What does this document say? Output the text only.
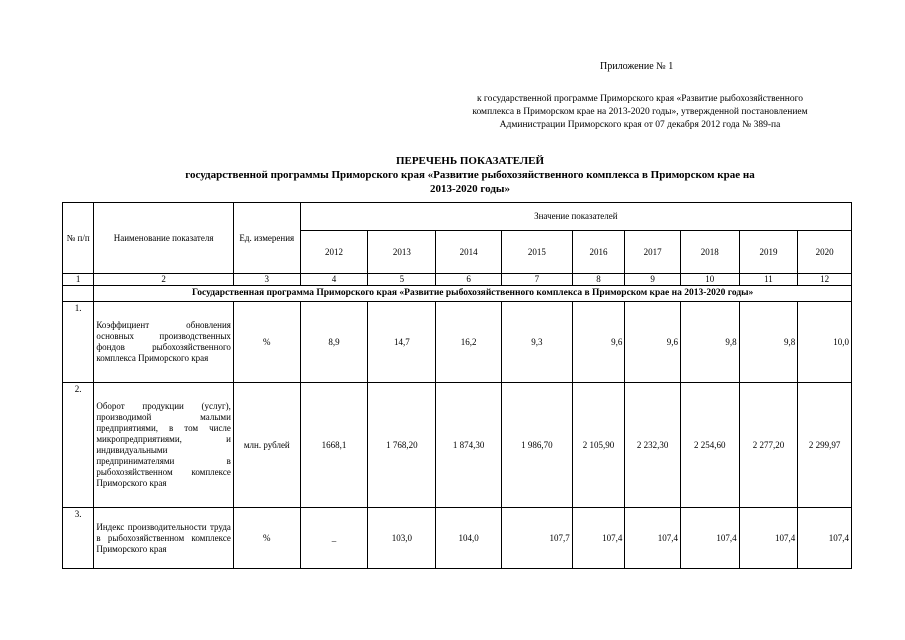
Приложение № 1
к государственной программе Приморского края «Развитие рыбохозяйственного
комплекса в Приморском крае на 2013-2020 годы», утвержденной постановлением
Администрации Приморского края от 07 декабря 2012 года № 389-па
ПЕРЕЧЕНЬ ПОКАЗАТЕЛЕЙ
государственной программы Приморского края «Развитие рыбохозяйственного комплекса в Приморском крае на
2013-2020 годы»
№ п/п	Наименование показателя	Ед. измерения	Значение показателей								
			2012	2013	2014	2015	2016	2017	2018	2019	2020
1	2	3	4	5	6	7	8	9	10	11	12
	Государственная программа Приморского края «Развитие рыбохозяйственного комплекса в Приморском крае на 2013-2020 годы»										
1.	Коэффициент обновления основных производственных фондов рыбохозяйственного комплекса Приморского края	%	8,9	14,7	16,2	9,3	9,6	9,6	9,8	9,8	10,0
2.	Оборот продукции (услуг), производимой малыми предприятиями, в том числе микропредприятиями, и индивидуальными предпринимателями в рыбохозяйственном комплексе Приморского края	млн. рублей	1668,1	1 768,20	1 874,30	1 986,70	2 105,90	2 232,30	2 254,60	2 277,20	2 299,97
3.	Индекс производительности труда в рыбохозяйственном комплексе Приморского края	%	_	103,0	104,0	107,7	107,4	107,4	107,4	107,4	107,4
